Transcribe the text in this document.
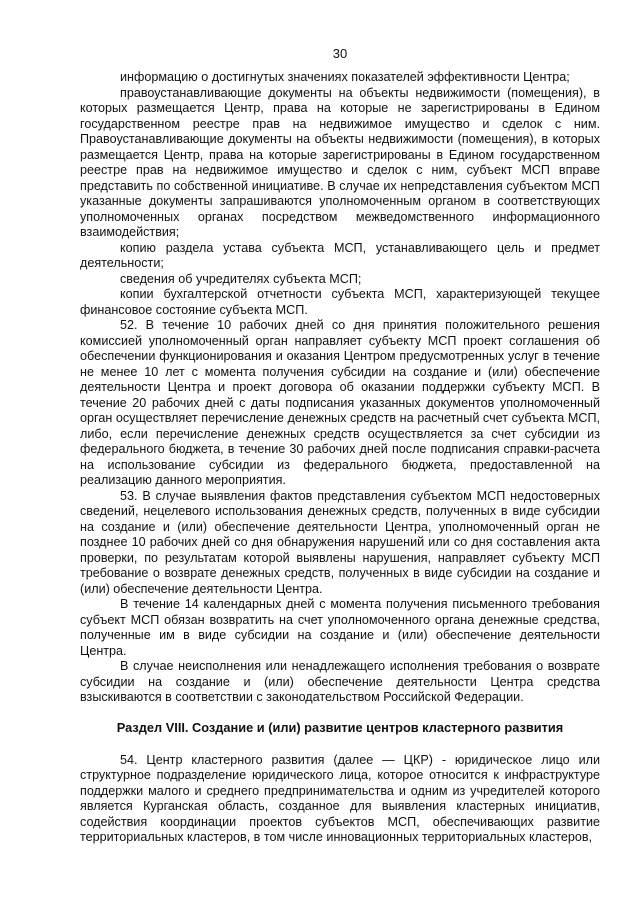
30

информацию о достигнутых значениях показателей эффективности Центра;

правоустанавливающие документы на объекты недвижимости (помещения), в которых размещается Центр, права на которые не зарегистрированы в Едином государственном реестре прав на недвижимое имущество и сделок с ним. Правоустанавливающие документы на объекты недвижимости (помещения), в которых размещается Центр, права на которые зарегистрированы в Едином государственном реестре прав на недвижимое имущество и сделок с ним, субъект МСП вправе представить по собственной инициативе. В случае их непредставления субъектом МСП указанные документы запрашиваются уполномоченным органом в соответствующих уполномоченных органах посредством межведомственного информационного взаимодействия;

копию раздела устава субъекта МСП, устанавливающего цель и предмет деятельности;

сведения об учредителях субъекта МСП;

копии бухгалтерской отчетности субъекта МСП, характеризующей текущее финансовое состояние субъекта МСП.

52. В течение 10 рабочих дней со дня принятия положительного решения комиссией уполномоченный орган направляет субъекту МСП проект соглашения об обеспечении функционирования и оказания Центром предусмотренных услуг в течение не менее 10 лет с момента получения субсидии на создание и (или) обеспечение деятельности Центра и проект договора об оказании поддержки субъекту МСП. В течение 20 рабочих дней с даты подписания указанных документов уполномоченный орган осуществляет перечисление денежных средств на расчетный счет субъекта МСП, либо, если перечисление денежных средств осуществляется за счет субсидии из федерального бюджета, в течение 30 рабочих дней после подписания справки-расчета на использование субсидии из федерального бюджета, предоставленной на реализацию данного мероприятия.

53. В случае выявления фактов представления субъектом МСП недостоверных сведений, нецелевого использования денежных средств, полученных в виде субсидии на создание и (или) обеспечение деятельности Центра, уполномоченный орган не позднее 10 рабочих дней со дня обнаружения нарушений или со дня составления акта проверки, по результатам которой выявлены нарушения, направляет субъекту МСП требование о возврате денежных средств, полученных в виде субсидии на создание и (или) обеспечение деятельности Центра.

В течение 14 календарных дней с момента получения письменного требования субъект МСП обязан возвратить на счет уполномоченного органа денежные средства, полученные им в виде субсидии на создание и (или) обеспечение деятельности Центра.

В случае неисполнения или ненадлежащего исполнения требования о возврате субсидии на создание и (или) обеспечение деятельности Центра средства взыскиваются в соответствии с законодательством Российской Федерации.

Раздел VIII. Создание и (или) развитие центров кластерного развития

54. Центр кластерного развития (далее — ЦКР) - юридическое лицо или структурное подразделение юридического лица, которое относится к инфраструктуре поддержки малого и среднего предпринимательства и одним из учредителей которого является Курганская область, созданное для выявления кластерных инициатив, содействия координации проектов субъектов МСП, обеспечивающих развитие территориальных кластеров, в том числе инновационных территориальных кластеров,
